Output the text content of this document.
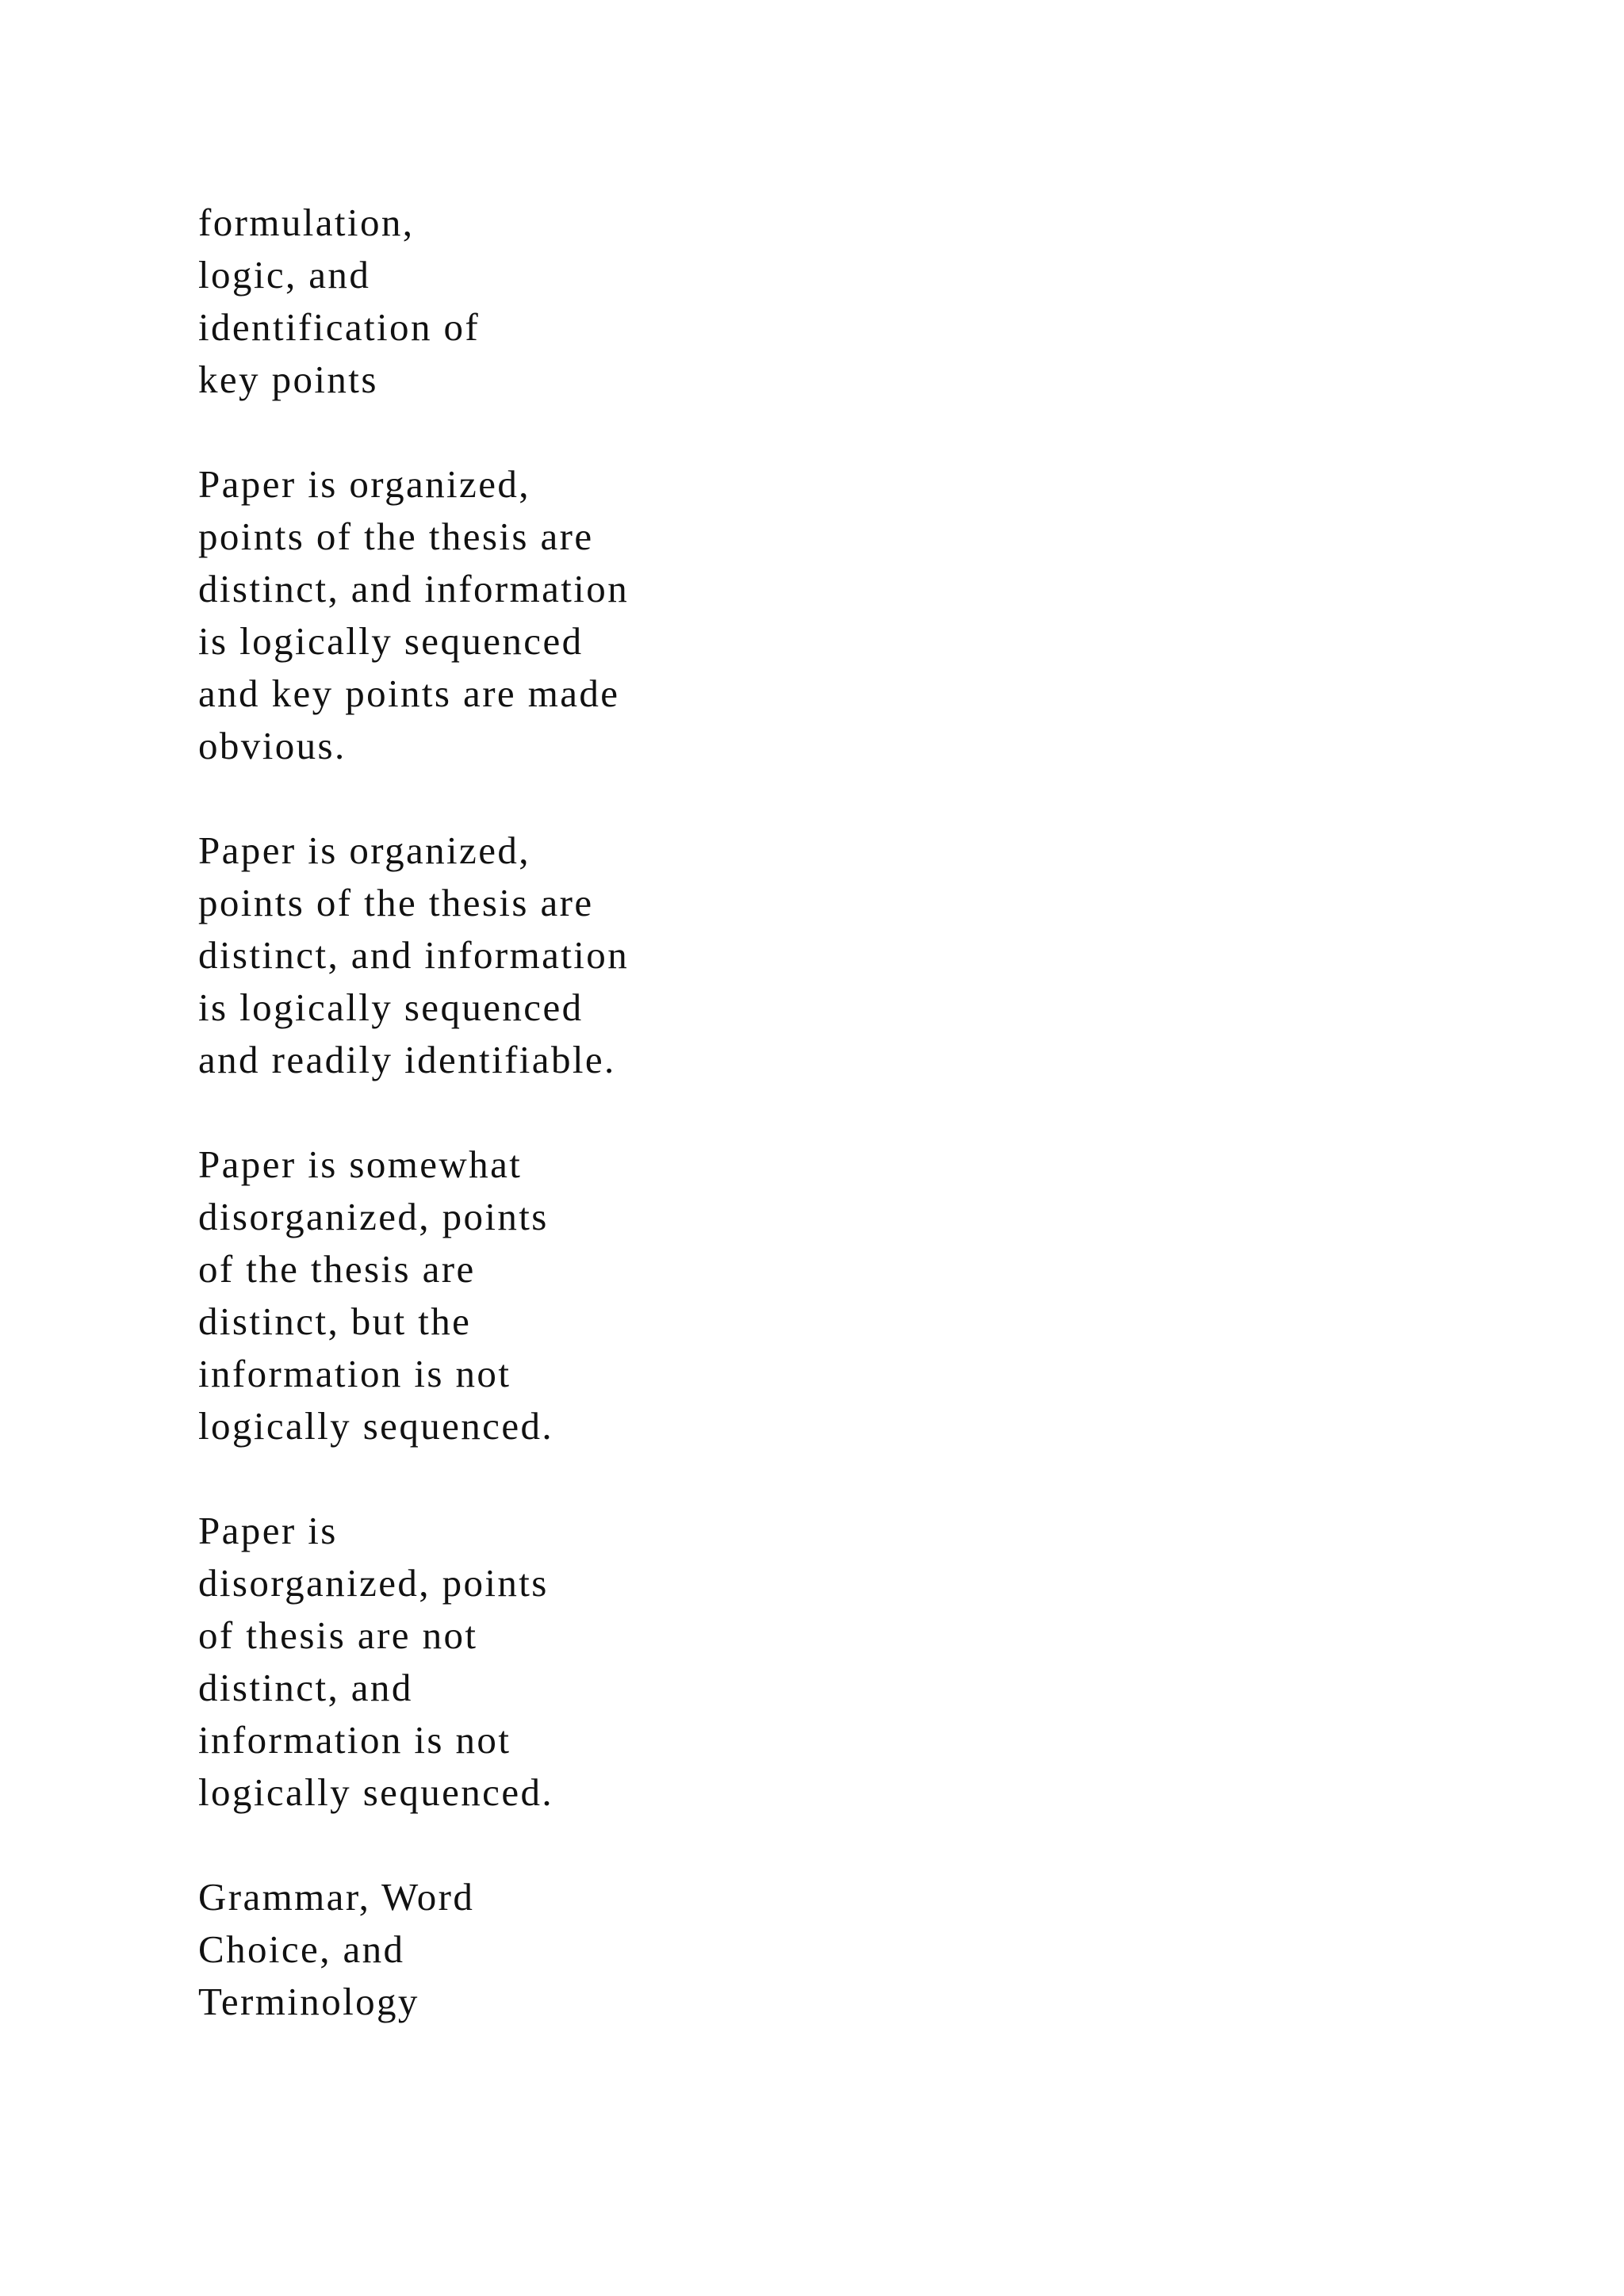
formulation,
logic, and
identification of
key points
Paper is organized,
points of the thesis are
distinct, and information
is logically sequenced
and key points are made
obvious.
Paper is organized,
points of the thesis are
distinct, and information
is logically sequenced
and readily identifiable.
Paper is somewhat
disorganized, points
of the thesis are
distinct, but the
information is not
logically sequenced.
Paper is
disorganized, points
of thesis are not
distinct, and
information is not
logically sequenced.
Grammar, Word
Choice, and
Terminology
